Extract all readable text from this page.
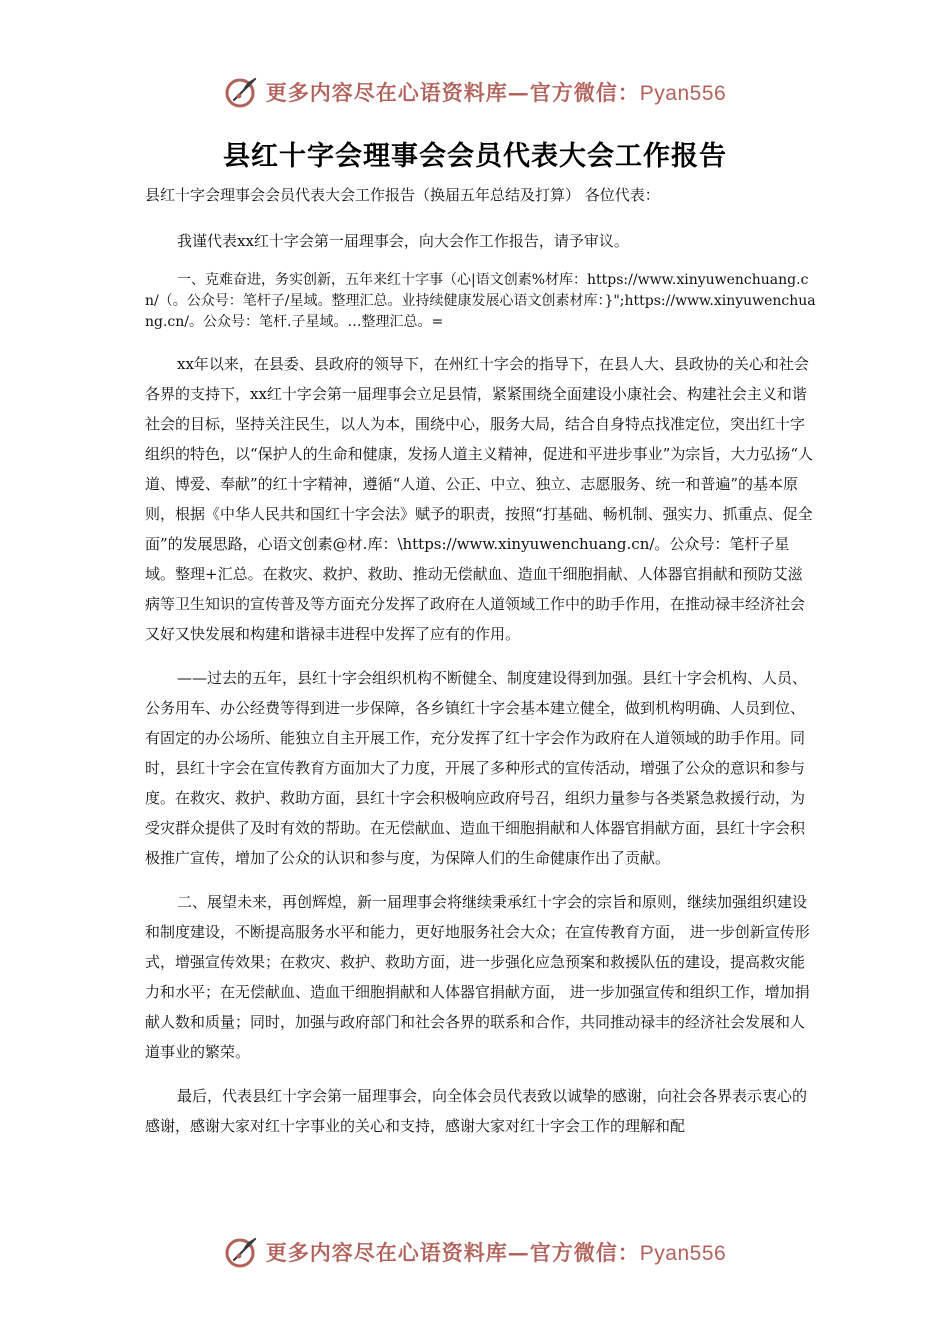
更多内容尽在心语资料库—官方微信：Pyan556
县红十字会理事会会员代表大会工作报告

县红十字会理事会会员代表大会工作报告（换届五年总结及打算） 各位代表：

我谨代表xx红十字会第一届理事会，向大会作工作报告，请予审议。

一、克难奋进，务实创新，五年来红十字事（心|语文创素%材库：https://www.xinyuwenchuang.cn/（。公众号：笔杆子/星域。整理汇总。业持续健康发展心语文创素材库：}";https://www.xinyuwenchuang.cn/。公众号：笔杆.子星域。…整理汇总。=

xx年以来，在县委、县政府的领导下，在州红十字会的指导下，在县人大、县政协的关心和社会各界的支持下，xx红十字会第一届理事会立足县情，紧紧围绕全面建设小康社会、构建社会主义和谐社会的目标，坚持关注民生，以人为本，围绕中心，服务大局，结合自身特点找准定位，突出红十字组织的特色，以“保护人的生命和健康，发扬人道主义精神，促进和平进步事业”为宗旨，大力弘扬“人道、博爱、奉献”的红十字精神，遵循“人道、公正、中立、独立、志愿服务、统一和普遍”的基本原则，根据《中华人民共和国红十字会法》赋予的职责，按照“打基础、畅机制、强实力、抓重点、促全面”的发展思路，心语文创素@材.库：\https://www.xinyuwenchuang.cn/。公众号：笔杆子星域。整理+汇总。在救灾、救护、救助、推动无偿献血、造血干细胞捐献、人体器官捐献和预防艾滋病等卫生知识的宣传普及等方面充分发挥了政府在人道领域工作中的助手作用，在推动禄丰经济社会又好又快发展和构建和谐禄丰进程中发挥了应有的作用。

——过去的五年，县红十字会组织机构不断健全、制度建设得到加强。县红十字会机构、人员、公务用车、办公经费等得到进一步保障，各乡镇红十字会基本建立健全，做到机构明确、人员到位、有固定的办公场所、能独立自主开展工作，充分发挥了红十字会作为政府在人道领域的助手作用。同时，县红十字会在宣传教育方面加大了力度，开展了多种形式的宣传活动，增强了公众的意识和参与度。在救灾、救护、救助方面，县红十字会积极响应政府号召，组织力量参与各类紧急救援行动，为受灾群众提供了及时有效的帮助。在无偿献血、造血干细胞捐献和人体器官捐献方面，县红十字会积极推广宣传，增加了公众的认识和参与度，为保障人们的生命健康作出了贡献。

二、展望未来，再创辉煌，新一届理事会将继续秉承红十字会的宗旨和原则，继续加强组织建设和制度建设，不断提高服务水平和能力，更好地服务社会大众；在宣传教育方面， 进一步创新宣传形式，增强宣传效果；在救灾、救护、救助方面，进一步强化应急预案和救援队伍的建设，提高救灾能力和水平；在无偿献血、造血干细胞捐献和人体器官捐献方面， 进一步加强宣传和组织工作，增加捐献人数和质量；同时，加强与政府部门和社会各界的联系和合作，共同推动禄丰的经济社会发展和人道事业的繁荣。

最后，代表县红十字会第一届理事会，向全体会员代表致以诚挚的感谢，向社会各界表示衷心的感谢，感谢大家对红十字事业的关心和支持，感谢大家对红十字会工作的理解和配

更多内容尽在心语资料库—官方微信：Pyan556
